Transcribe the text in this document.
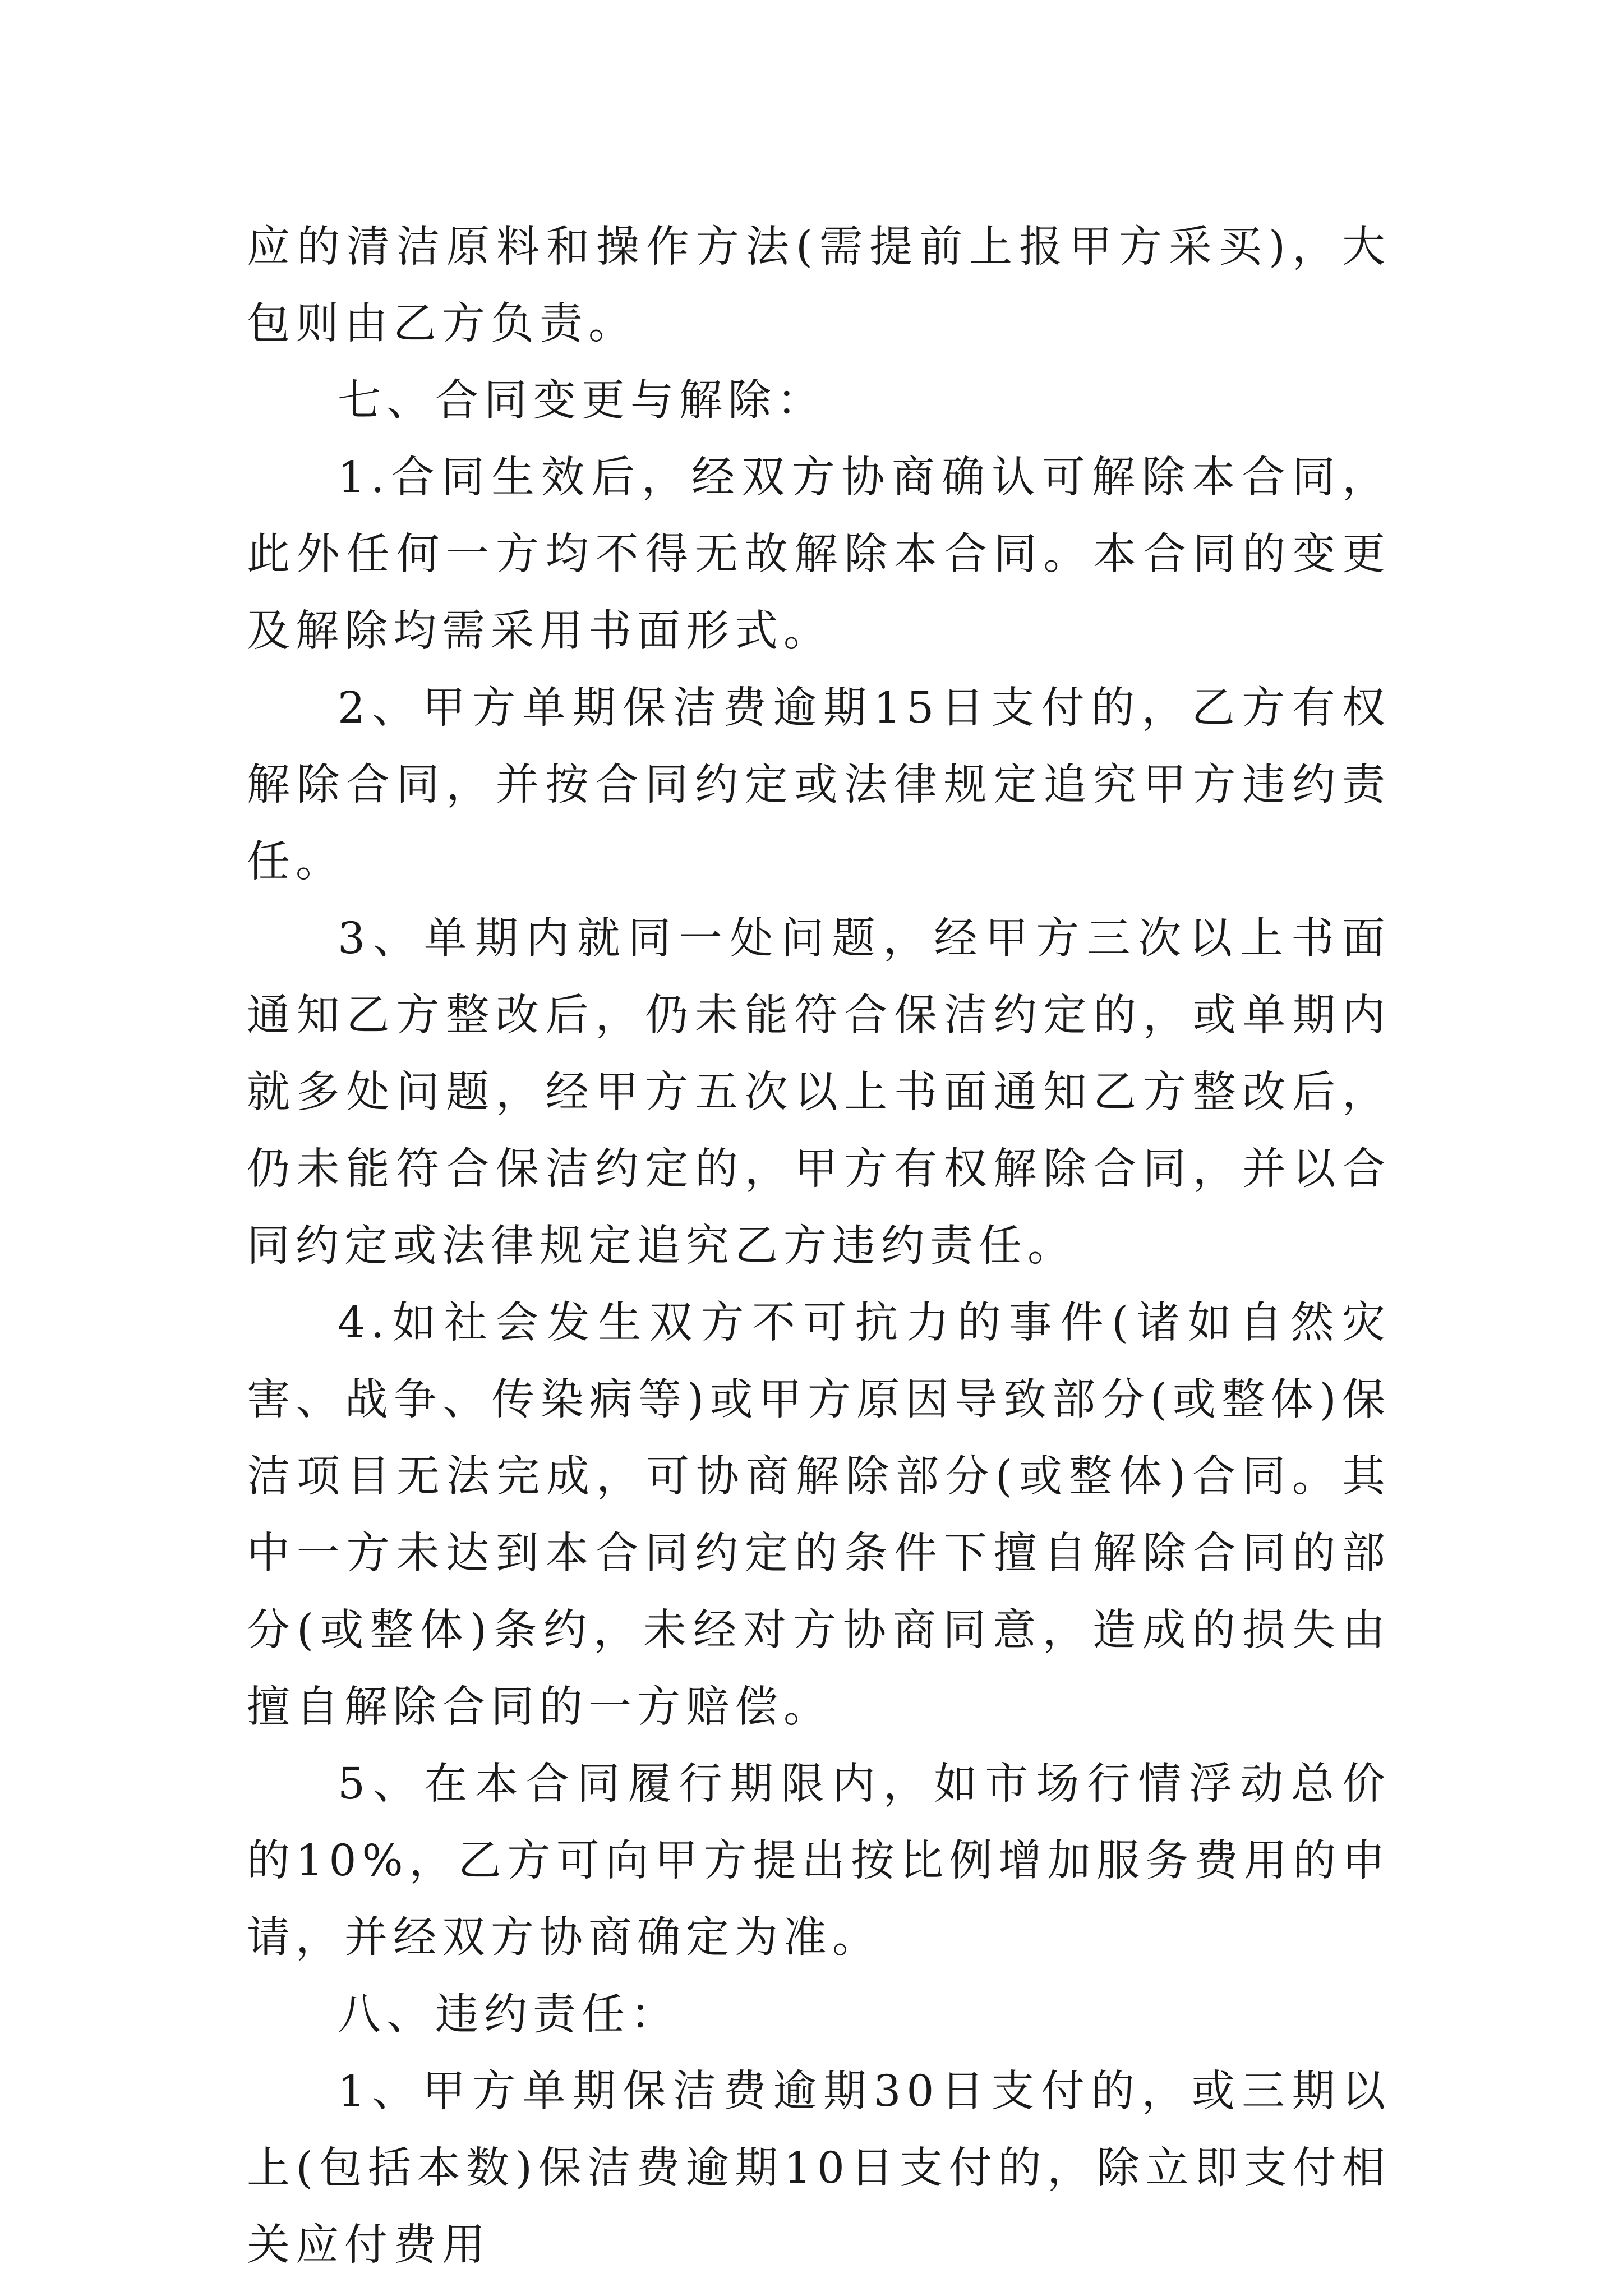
应的清洁原料和操作方法(需提前上报甲方采买)，大包则由乙方负责。

七、合同变更与解除：

1.合同生效后，经双方协商确认可解除本合同，此外任何一方均不得无故解除本合同。本合同的变更及解除均需采用书面形式。

2、甲方单期保洁费逾期15日支付的，乙方有权解除合同，并按合同约定或法律规定追究甲方违约责任。

3、单期内就同一处问题，经甲方三次以上书面通知乙方整改后，仍未能符合保洁约定的，或单期内就多处问题，经甲方五次以上书面通知乙方整改后，仍未能符合保洁约定的，甲方有权解除合同，并以合同约定或法律规定追究乙方违约责任。

4.如社会发生双方不可抗力的事件(诸如自然灾害、战争、传染病等)或甲方原因导致部分(或整体)保洁项目无法完成，可协商解除部分(或整体)合同。其中一方未达到本合同约定的条件下擅自解除合同的部分(或整体)条约，未经对方协商同意，造成的损失由擅自解除合同的一方赔偿。

5、在本合同履行期限内，如市场行情浮动总价的10%，乙方可向甲方提出按比例增加服务费用的申请，并经双方协商确定为准。

八、违约责任：

1、甲方单期保洁费逾期30日支付的，或三期以上(包括本数)保洁费逾期10日支付的，除立即支付相关应付费用
